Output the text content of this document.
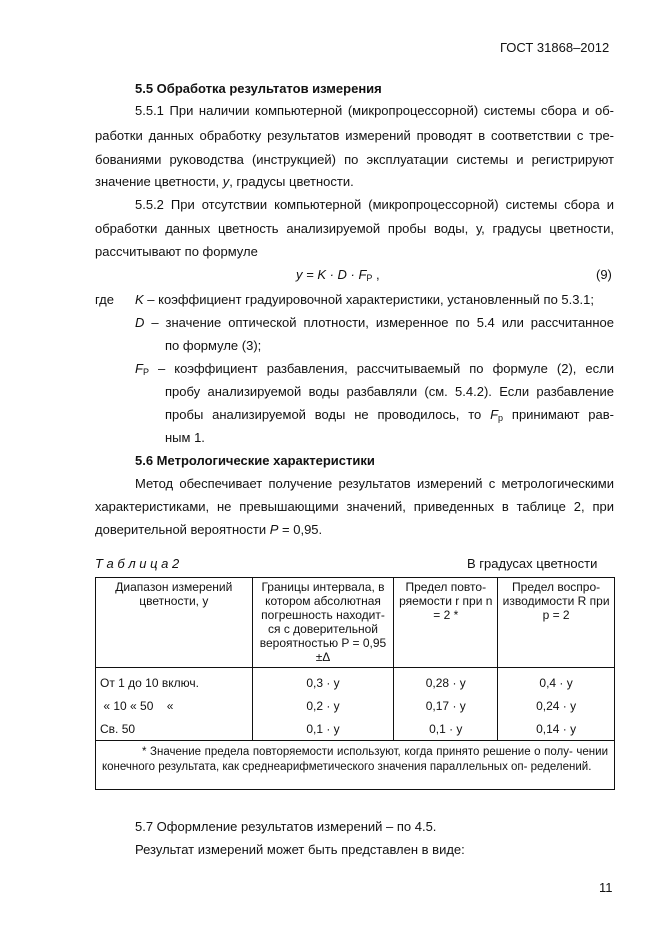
ГОСТ 31868–2012
5.5 Обработка результатов измерения
5.5.1 При наличии компьютерной (микропроцессорной) системы сбора и об-
работки данных обработку результатов измерений проводят в соответствии с тре-
бованиями руководства (инструкцией) по эксплуатации системы и регистрируют
значение цветности, у, градусы цветности.
5.5.2 При отсутствии компьютерной (микропроцессорной) системы сбора и
обработки данных цветность анализируемой пробы воды, у, градусы цветности,
рассчитывают по формуле
$y = K \cdot D \cdot F_P$ ,	(9)
где K – коэффициент градуировочной характеристики, установленный по 5.3.1;
D – значение оптической плотности, измеренное по 5.4 или рассчитанное
по формуле (3);
$F_P$ – коэффициент разбавления, рассчитываемый по формуле (2), если
пробу анализируемой воды разбавляли (см. 5.4.2). Если разбавление
пробы анализируемой воды не проводилось, то $F_p$ принимают рав-
ным 1.
5.6 Метрологические характеристики
Метод обеспечивает получение результатов измерений с метрологическими
характеристиками, не превышающими значений, приведенных в таблице 2, при
доверительной вероятности P = 0,95.
Т а б л и ц а 2	В градусах цветности
Диапазон измерений цветности, у	Границы интервала, в котором абсолютная погрешность находит- ся с доверительной вероятностью P = 0,95 ±Δ	Предел повто- ряемости r при n = 2 *	Предел воспро- изводимости R при p = 2
От 1 до 10 включ.	0,3 · у	0,28 · у	0,4 · у
« 10 « 50    «	0,2 · у	0,17 · у	0,24 · у
Св. 50	0,1 · у	0,1 · у	0,14 · у
* Значение предела повторяемости используют, когда принято решение о полу- чении конечного результата, как среднеарифметического значения параллельных оп- ределений.			
5.7 Оформление результатов измерений – по 4.5.
Результат измерений может быть представлен в виде:
11
